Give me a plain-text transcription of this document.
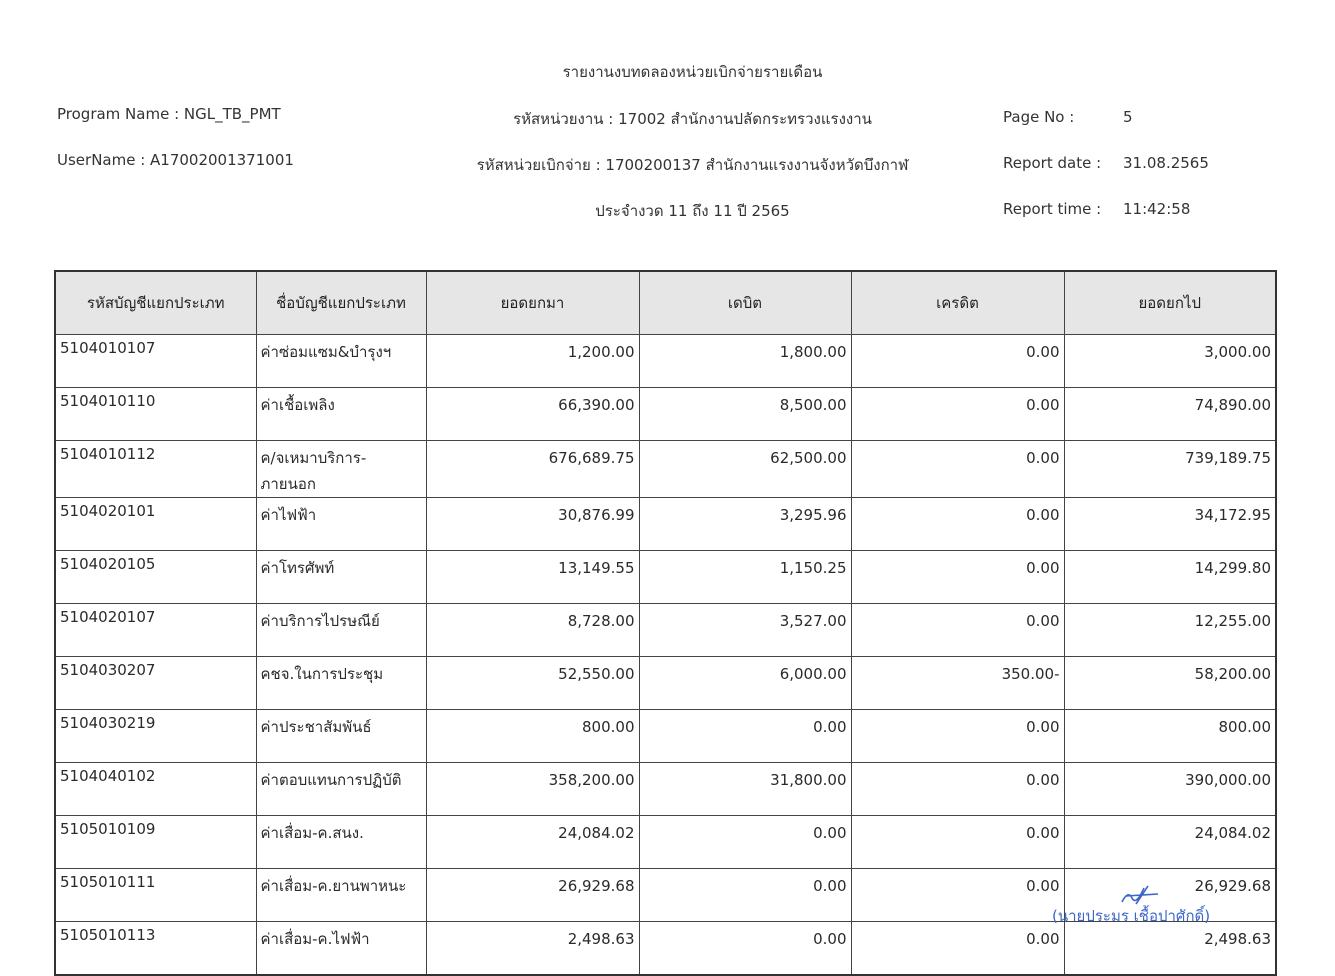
รายงานงบทดลองหน่วยเบิกจ่ายรายเดือน
Program Name : NGL_TB_PMT	รหัสหน่วยงาน : 17002 สำนักงานปลัดกระทรวงแรงงาน	Page No :	5
UserName : A17002001371001	รหัสหน่วยเบิกจ่าย : 1700200137 สำนักงานแรงงานจังหวัดบึงกาฬ	Report date : 31.08.2565
ประจำงวด 11 ถึง 11 ปี 2565	Report time : 11:42:58
รหัสบัญชีแยกประเภท	ชื่อบัญชีแยกประเภท	ยอดยกมา	เดบิต	เครดิต	ยอดยกไป
5104010107	ค่าซ่อมแซม&บำรุงฯ	1,200.00	1,800.00	0.00	3,000.00
5104010110	ค่าเชื้อเพลิง	66,390.00	8,500.00	0.00	74,890.00
5104010112	ค/จเหมาบริการ-ภายนอก	676,689.75	62,500.00	0.00	739,189.75
5104020101	ค่าไฟฟ้า	30,876.99	3,295.96	0.00	34,172.95
5104020105	ค่าโทรศัพท์	13,149.55	1,150.25	0.00	14,299.80
5104020107	ค่าบริการไปรษณีย์	8,728.00	3,527.00	0.00	12,255.00
5104030207	คชจ.ในการประชุม	52,550.00	6,000.00	350.00-	58,200.00
5104030219	ค่าประชาสัมพันธ์	800.00	0.00	0.00	800.00
5104040102	ค่าตอบแทนการปฏิบัติ	358,200.00	31,800.00	0.00	390,000.00
5105010109	ค่าเสื่อม-ค.สนง.	24,084.02	0.00	0.00	24,084.02
5105010111	ค่าเสื่อม-ค.ยานพาหนะ	26,929.68	0.00	0.00	26,929.68
5105010113	ค่าเสื่อม-ค.ไฟฟ้า	2,498.63	0.00	0.00	2,498.63
(นายประมร เชื้อปาศักดิ์)
